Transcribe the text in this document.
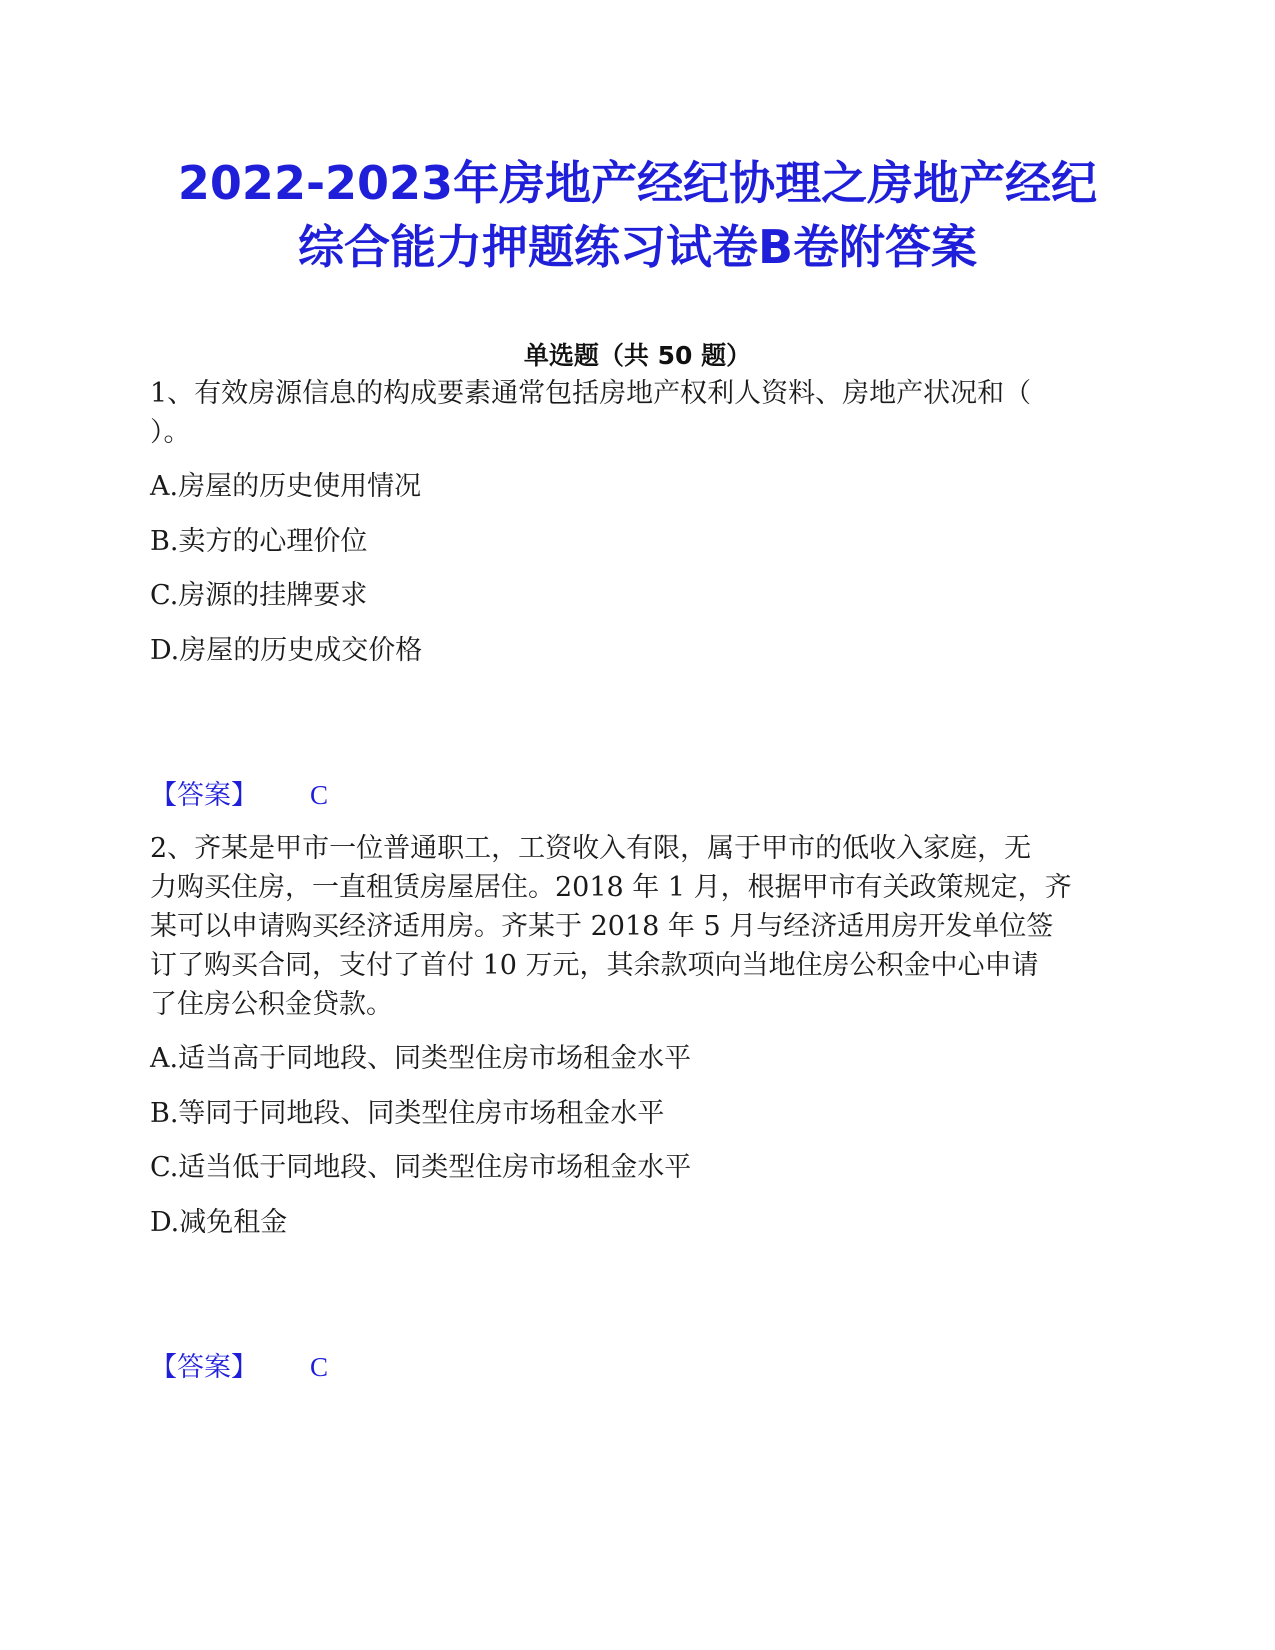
2022-2023年房地产经纪协理之房地产经纪
综合能力押题练习试卷B卷附答案
单选题（共 50 题）
1、有效房源信息的构成要素通常包括房地产权利人资料、房地产状况和（
）。
A.房屋的历史使用情况
B.卖方的心理价位
C.房源的挂牌要求
D.房屋的历史成交价格
【答案】 C
2、齐某是甲市一位普通职工，工资收入有限，属于甲市的低收入家庭，无
力购买住房，一直租赁房屋居住。2018 年 1 月，根据甲市有关政策规定，齐
某可以申请购买经济适用房。齐某于 2018 年 5 月与经济适用房开发单位签
订了购买合同，支付了首付 10 万元，其余款项向当地住房公积金中心申请
了住房公积金贷款。
A.适当高于同地段、同类型住房市场租金水平
B.等同于同地段、同类型住房市场租金水平
C.适当低于同地段、同类型住房市场租金水平
D.减免租金
【答案】 C
